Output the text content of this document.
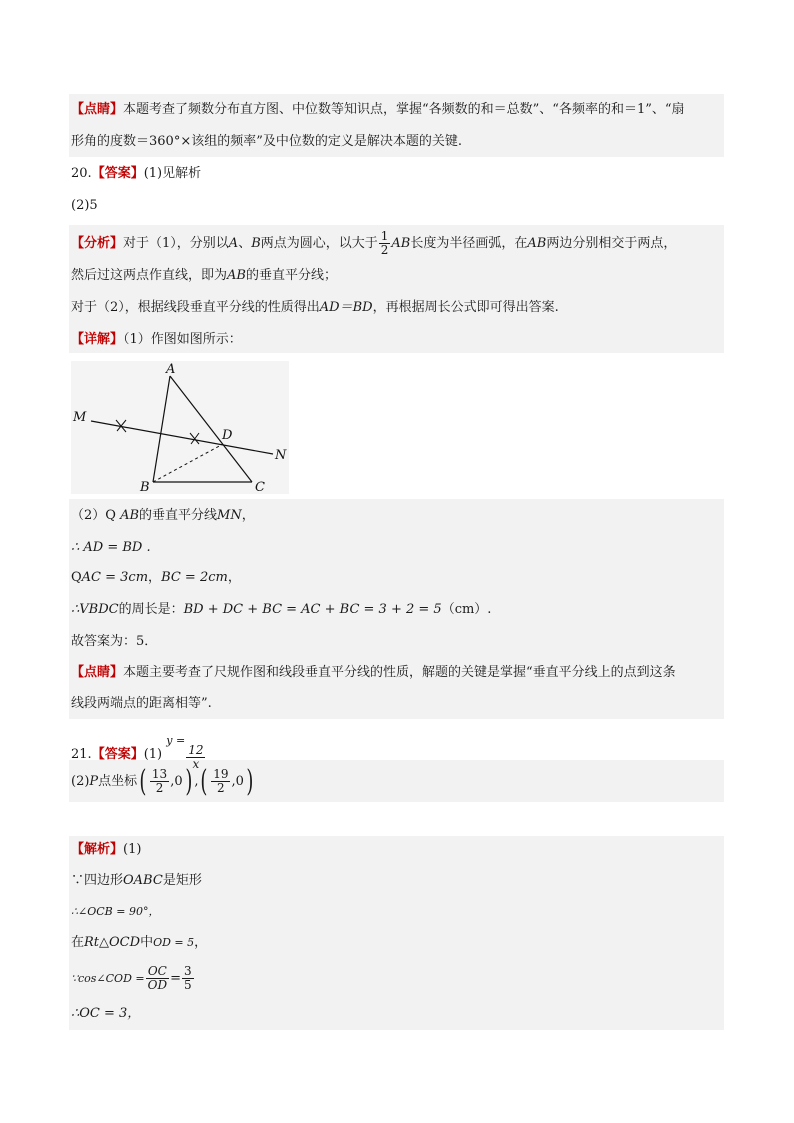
【点睛】本题考查了频数分布直方图、中位数等知识点，掌握“各频数的和＝总数”、“各频率的和＝1”、“扇
形角的度数＝360°×该组的频率”及中位数的定义是解决本题的关键.
20.【答案】(1)见解析
(2)5
【分析】对于（1），分别以A、B两点为圆心，以大于 $\frac{1}{2}$ AB长度为半径画弧，在AB两边分别相交于两点，
然后过这两点作直线，即为AB的垂直平分线；
对于（2），根据线段垂直平分线的性质得出AD＝BD，再根据周长公式即可得出答案.
【详解】（1）作图如图所示：
A
M
D
N
B	C
（2）Q AB的垂直平分线MN，
∴ AD = BD .
QAC = 3cm，BC = 2cm，
∴VBDC的周长是：BD + DC + BC = AC + BC = 3 + 2 = 5（cm）.
故答案为：5．
【点睛】本题主要考查了尺规作图和线段垂直平分线的性质，解题的关键是掌握“垂直平分线上的点到这条
线段两端点的距离相等”.
21.【答案】(1) $^{y =}$
$\frac{12}{x}$
(2)P点坐标( $\frac{13}{2} ,0$) ,( $\frac{19}{2} ,0$)
【解析】(1)
∵四边形OABC是矩形
∴∠OCB = 90°，
在Rt△OCD中OD = 5，
∵cos∠COD = $\frac{OC}{OD} = \frac{3}{5}$
∴OC = 3，
